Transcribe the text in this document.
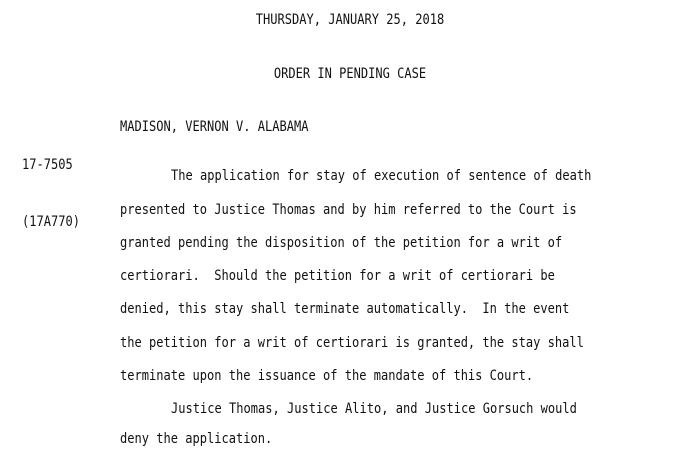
THURSDAY, JANUARY 25, 2018
ORDER IN PENDING CASE

17-7505

(17A770)

MADISON, VERNON V. ALABAMA
The application for stay of execution of sentence of death
presented to Justice Thomas and by him referred to the Court is
granted pending the disposition of the petition for a writ of
certiorari.  Should the petition for a writ of certiorari be
denied, this stay shall terminate automatically.  In the event
the petition for a writ of certiorari is granted, the stay shall
terminate upon the issuance of the mandate of this Court.
Justice Thomas, Justice Alito, and Justice Gorsuch would
deny the application.
